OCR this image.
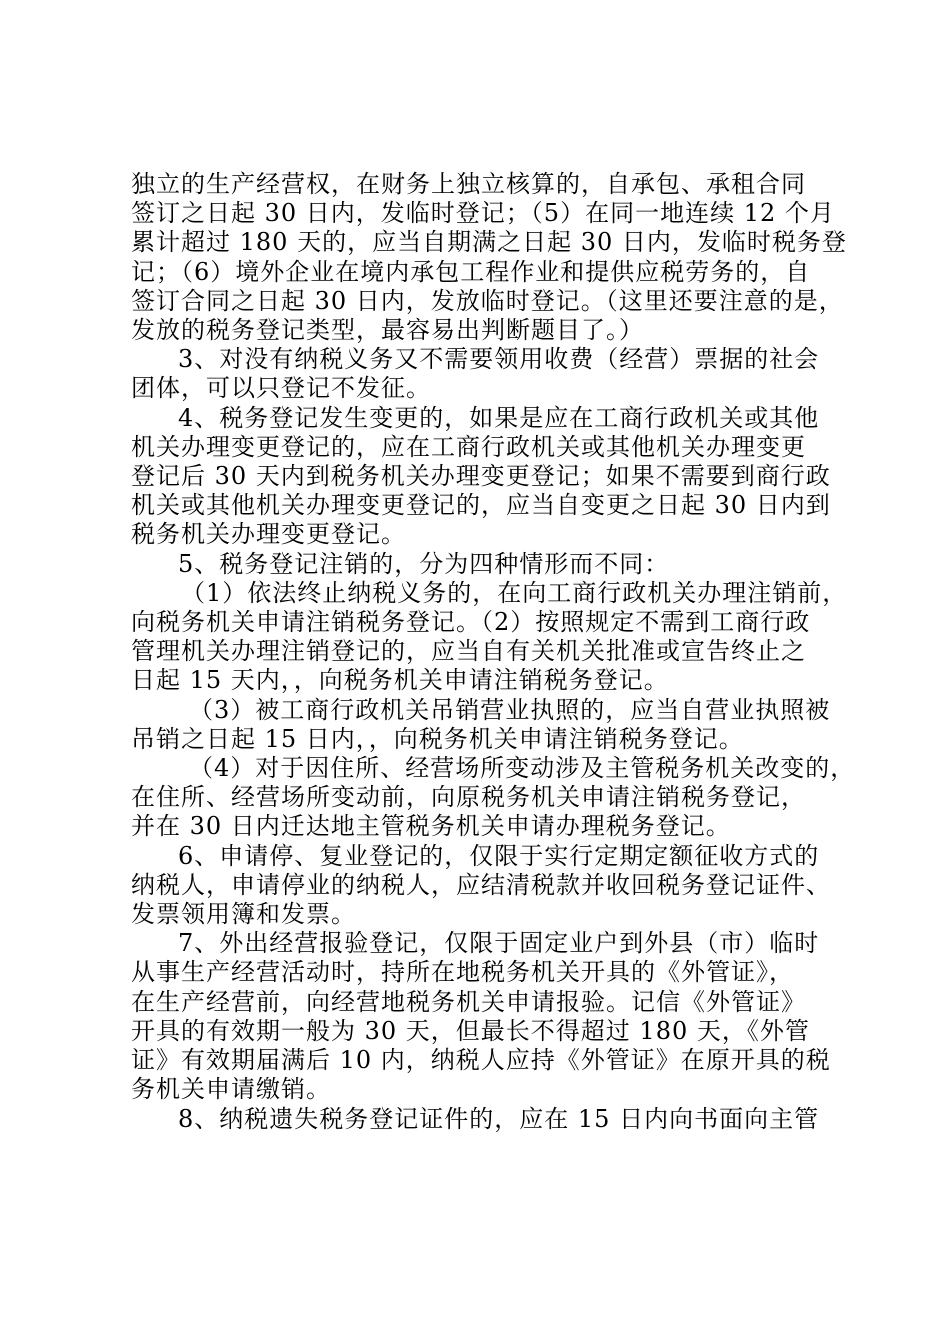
独立的生产经营权，在财务上独立核算的，自承包、承租合同
签订之日起 30 日内，发临时登记；（5）在同一地连续 12 个月
累计超过 180 天的，应当自期满之日起 30 日内，发临时税务登
记；（6）境外企业在境内承包工程作业和提供应税劳务的，自
签订合同之日起 30 日内，发放临时登记。（这里还要注意的是，
发放的税务登记类型，最容易出判断题目了。）
3、对没有纳税义务又不需要领用收费（经营）票据的社会
团体，可以只登记不发征。
4、税务登记发生变更的，如果是应在工商行政机关或其他
机关办理变更登记的，应在工商行政机关或其他机关办理变更
登记后 30 天内到税务机关办理变更登记；如果不需要到商行政
机关或其他机关办理变更登记的，应当自变更之日起 30 日内到
税务机关办理变更登记。
5、税务登记注销的，分为四种情形而不同：
（1）依法终止纳税义务的，在向工商行政机关办理注销前，
向税务机关申请注销税务登记。（2）按照规定不需到工商行政
管理机关办理注销登记的，应当自有关机关批准或宣告终止之
日起 15 天内，，向税务机关申请注销税务登记。
（3）被工商行政机关吊销营业执照的，应当自营业执照被
吊销之日起 15 日内，，向税务机关申请注销税务登记。
（4）对于因住所、经营场所变动涉及主管税务机关改变的，
在住所、经营场所变动前，向原税务机关申请注销税务登记，
并在 30 日内迁达地主管税务机关申请办理税务登记。
6、申请停、复业登记的，仅限于实行定期定额征收方式的
纳税人，申请停业的纳税人，应结清税款并收回税务登记证件、
发票领用簿和发票。
7、外出经营报验登记，仅限于固定业户到外县（市）临时
从事生产经营活动时，持所在地税务机关开具的《外管证》，
在生产经营前，向经营地税务机关申请报验。记信《外管证》
开具的有效期一般为 30 天，但最长不得超过 180 天，《外管
证》有效期届满后 10 内，纳税人应持《外管证》在原开具的税
务机关申请缴销。
8、纳税遗失税务登记证件的，应在 15 日内向书面向主管
